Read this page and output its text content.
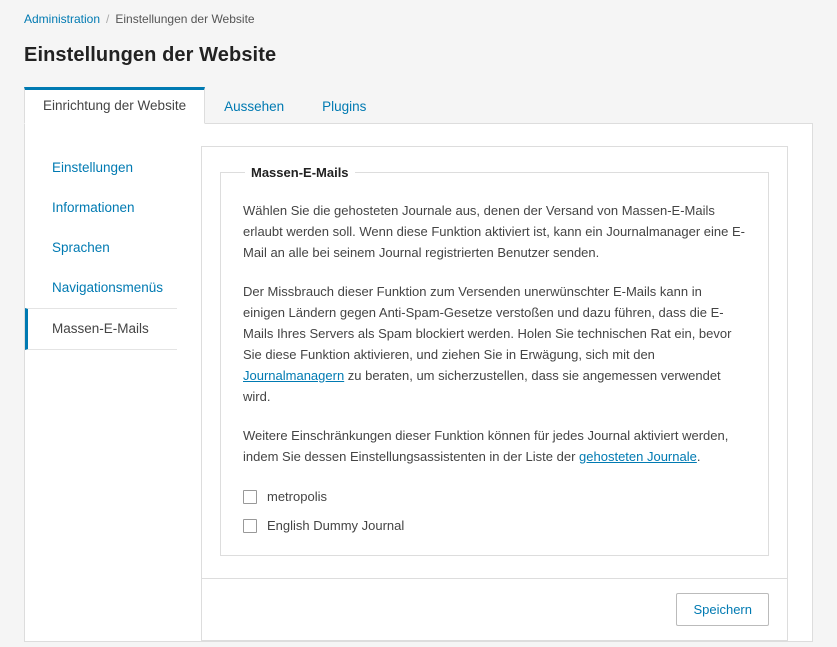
Administration / Einstellungen der Website
Einstellungen der Website
Einrichtung der Website	Aussehen	Plugins
Einstellungen
Informationen
Sprachen
Navigationsmenüs
Massen-E-Mails
Massen-E-Mails

Wählen Sie die gehosteten Journale aus, denen der Versand von Massen-E-Mails erlaubt werden soll. Wenn diese Funktion aktiviert ist, kann ein Journalmanager eine E-Mail an alle bei seinem Journal registrierten Benutzer senden.

Der Missbrauch dieser Funktion zum Versenden unerwünschter E-Mails kann in einigen Ländern gegen Anti-Spam-Gesetze verstoßen und dazu führen, dass die E-Mails Ihres Servers als Spam blockiert werden. Holen Sie technischen Rat ein, bevor Sie diese Funktion aktivieren, und ziehen Sie in Erwägung, sich mit den Journalmanagern zu beraten, um sicherzustellen, dass sie angemessen verwendet wird.

Weitere Einschränkungen dieser Funktion können für jedes Journal aktiviert werden, indem Sie dessen Einstellungsassistenten in der Liste der gehosteten Journale.

metropolis
English Dummy Journal
Speichern
